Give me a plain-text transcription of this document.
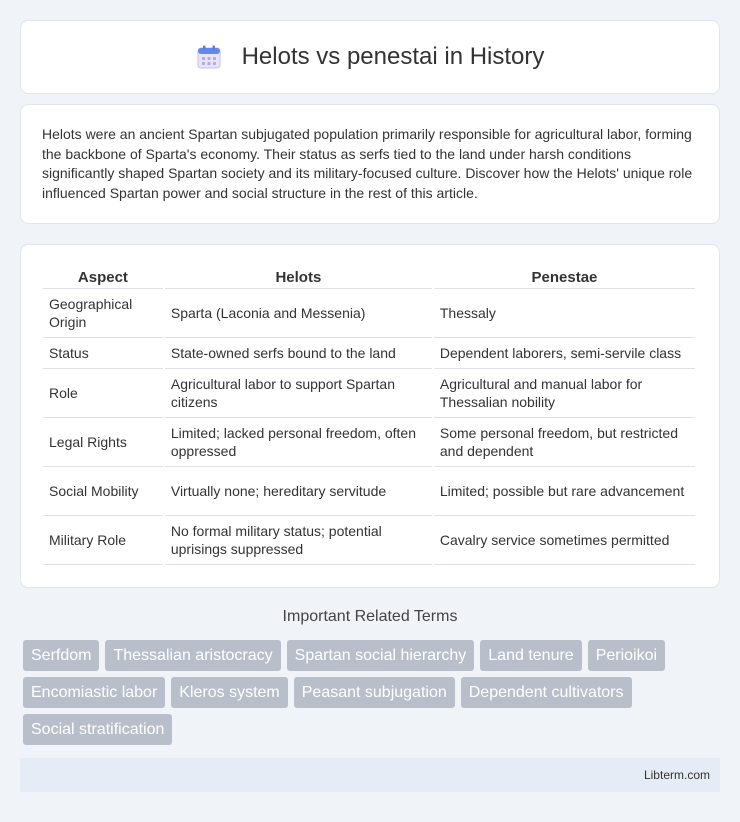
Helots vs penestai in History

Helots were an ancient Spartan subjugated population primarily responsible for agricultural labor, forming the backbone of Sparta's economy. Their status as serfs tied to the land under harsh conditions significantly shaped Spartan society and its military-focused culture. Discover how the Helots' unique role influenced Spartan power and social structure in the rest of this article.

Aspect	Helots	Penestae
Geographical Origin	Sparta (Laconia and Messenia)	Thessaly
Status	State-owned serfs bound to the land	Dependent laborers, semi-servile class
Role	Agricultural labor to support Spartan citizens	Agricultural and manual labor for Thessalian nobility
Legal Rights	Limited; lacked personal freedom, often oppressed	Some personal freedom, but restricted and dependent
Social Mobility	Virtually none; hereditary servitude	Limited; possible but rare advancement
Military Role	No formal military status; potential uprisings suppressed	Cavalry service sometimes permitted
Important Related Terms
Serfdom	Thessalian aristocracy	Spartan social hierarchy	Land tenure	Perioikoi
Encomiastic labor	Kleros system	Peasant subjugation	Dependent cultivators
Social stratification
Libterm.com
